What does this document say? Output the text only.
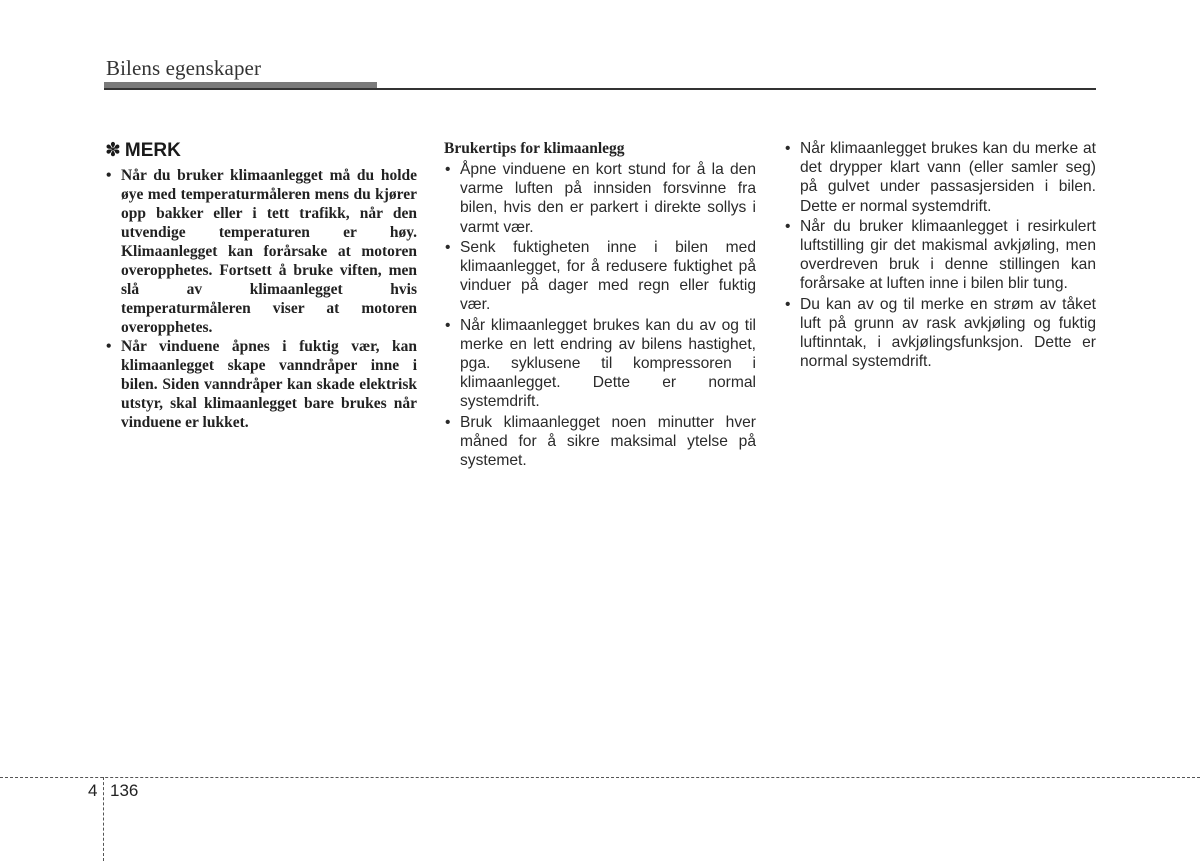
Bilens egenskaper
✽ MERK
• Når du bruker klimaanlegget må du holde øye med temperaturmåleren mens du kjører opp bakker eller i tett trafikk, når den utvendige temperaturen er høy. Klimaanlegget kan forårsake at motoren overopphetes. Fortsett å bruke viften, men slå av klimaanlegget hvis temperaturmåleren viser at motoren overopphetes.
• Når vinduene åpnes i fuktig vær, kan klimaanlegget skape vanndråper inne i bilen. Siden vanndråper kan skade elektrisk utstyr, skal klimaanlegget bare brukes når vinduene er lukket.
Brukertips for klimaanlegg
• Åpne vinduene en kort stund for å la den varme luften på innsiden forsvinne fra bilen, hvis den er parkert i direkte sollys i varmt vær.
• Senk fuktigheten inne i bilen med klimaanlegget, for å redusere fuktighet på vinduer på dager med regn eller fuktig vær.
• Når klimaanlegget brukes kan du av og til merke en lett endring av bilens hastighet, pga. syklusene til kompressoren i klimaanlegget. Dette er normal systemdrift.
• Bruk klimaanlegget noen minutter hver måned for å sikre maksimal ytelse på systemet.
• Når klimaanlegget brukes kan du merke at det drypper klart vann (eller samler seg) på gulvet under passasjersiden i bilen. Dette er normal systemdrift.
• Når du bruker klimaanlegget i resirkulert luftstilling gir det makismal avkjøling, men overdreven bruk i denne stillingen kan forårsake at luften inne i bilen blir tung.
• Du kan av og til merke en strøm av tåket luft på grunn av rask avkjøling og fuktig luftinntak, i avkjølingsfunksjon. Dette er normal systemdrift.
4 136
